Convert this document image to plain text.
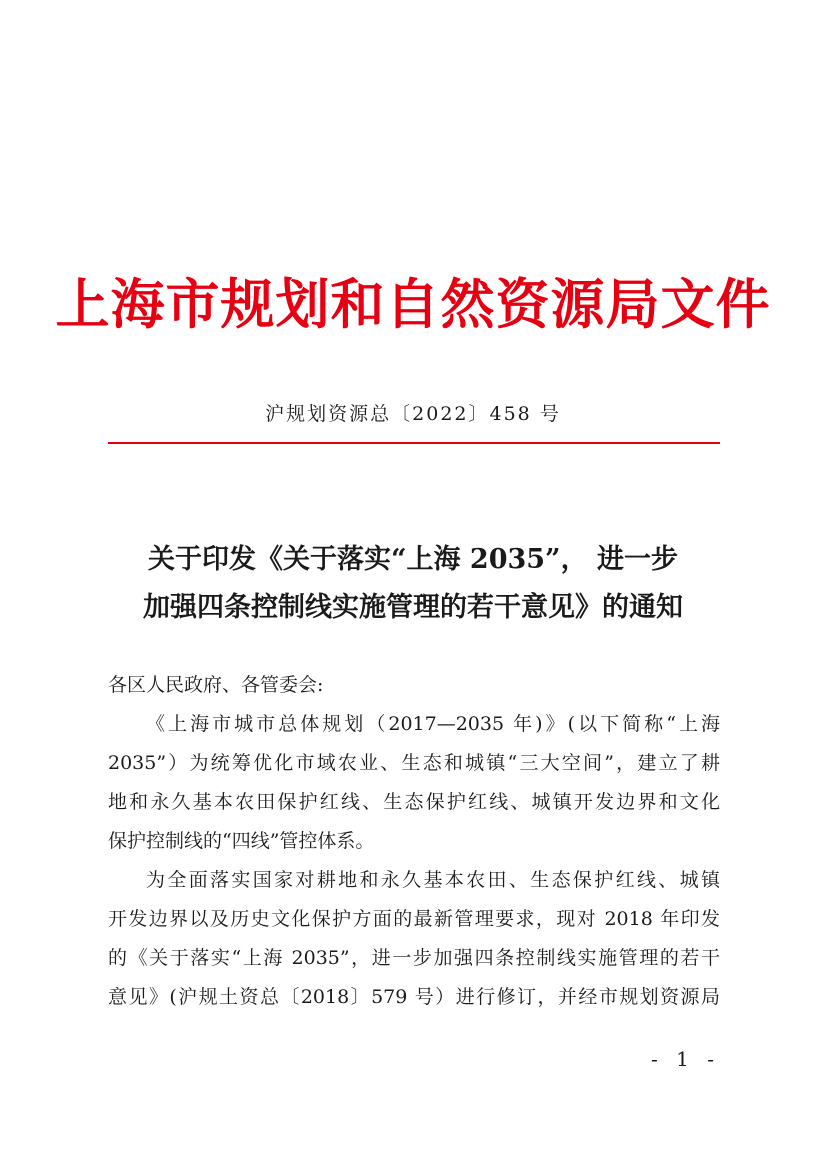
上海市规划和自然资源局文件
沪规划资源总〔2022〕458 号
关于印发《关于落实“上海 2035”， 进一步
加强四条控制线实施管理的若干意见》的通知
各区人民政府、各管委会:
《上海市城市总体规划（2017—2035 年)》(以下简称“上海
2035”）为统筹优化市域农业、生态和城镇“三大空间”，建立了耕
地和永久基本农田保护红线、生态保护红线、城镇开发边界和文化
保护控制线的“四线”管控体系。
为全面落实国家对耕地和永久基本农田、生态保护红线、城镇
开发边界以及历史文化保护方面的最新管理要求，现对 2018 年印发
的《关于落实“上海 2035”，进一步加强四条控制线实施管理的若干
意见》(沪规土资总〔2018〕579 号）进行修订，并经市规划资源局
- 1 -
